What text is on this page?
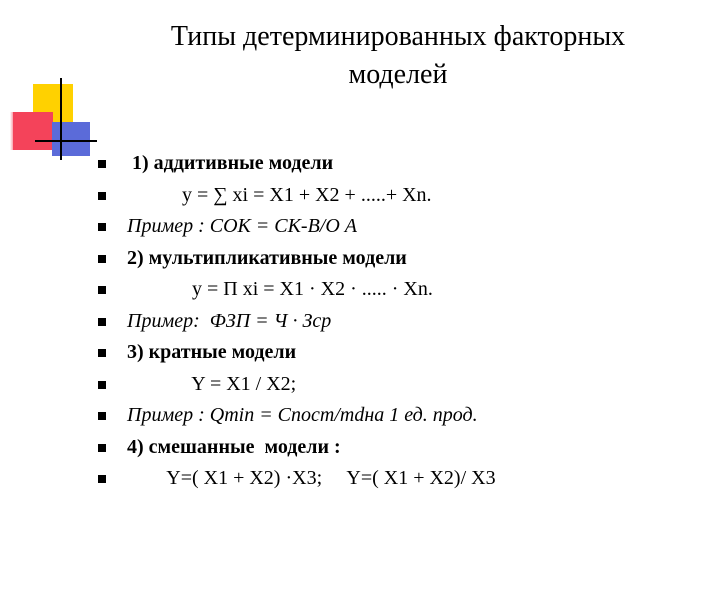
Типы детерминированных факторных
моделей

1) аддитивные модели

y = ∑ xi = X1 + X2 + .....+ Xn.

Пример : СОК = СК-В/О А

2) мультипликативные модели

y = П xi = X1 · X2 · ..... · Xn.

Пример:  ФЗП = Ч · Зср

3) кратные модели

Y = X1 / X2;

Пример : Qmin = Спост/mdна 1 ед. прод.

4) смешанные  модели :

Y=( X1 + X2) ·X3;     Y=( X1 + X2)/ X3
